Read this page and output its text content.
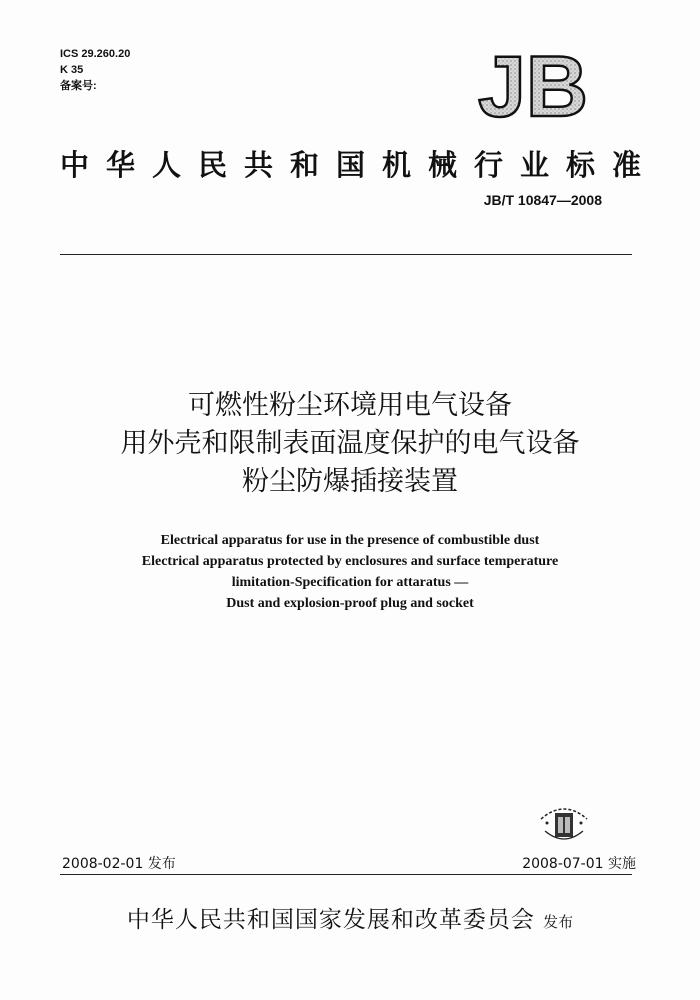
ICS 29.260.20
K 35
备案号:	JB
中华人民共和国机械行业标准
JB/T 10847—2008
可燃性粉尘环境用电气设备
用外壳和限制表面温度保护的电气设备
粉尘防爆插接装置
Electrical apparatus for use in the presence of combustible dust
Electrical apparatus protected by enclosures and surface temperature
limitation-Specification for attaratus —
Dust and explosion-proof plug and socket
2008-02-01 发布	2008-07-01 实施
中华人民共和国国家发展和改革委员会 发布
